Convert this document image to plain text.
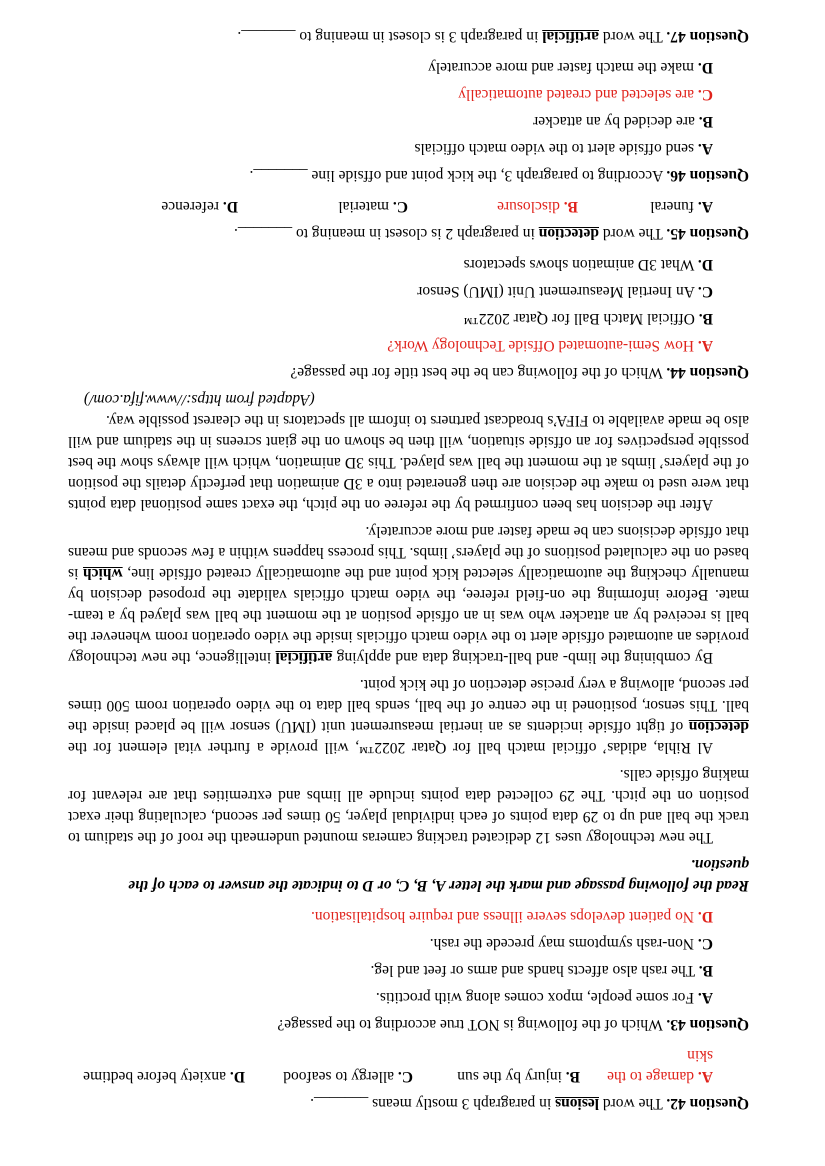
Question 42. The word lesions in paragraph 3 mostly means _______.

A. damage to the skin
B. injury by the sun
C. allergy to seafood
D. anxiety before bedtime

Question 43. Which of the following is NOT true according to the passage?

A. For some people, mpox comes along with proctitis.

B. The rash also affects hands and arms or feet and leg.

C. Non-rash symptoms may precede the rash.

D. No patient develops severe illness and require hospitalisation.

Read the following passage and mark the letter A, B, C, or D to indicate the answer to each of the question.

The new technology uses 12 dedicated tracking cameras mounted underneath the roof of the stadium to track the ball and up to 29 data points of each individual player, 50 times per second, calculating their exact position on the pitch. The 29 collected data points include all limbs and extremities that are relevant for making offside calls.

Al Rihla, adidas’ official match ball for Qatar 2022™, will provide a further vital element for the detection of tight offside incidents as an inertial measurement unit (IMU) sensor will be placed inside the ball. This sensor, positioned in the centre of the ball, sends ball data to the video operation room 500 times per second, allowing a very precise detection of the kick point.

By combining the limb- and ball-tracking data and applying artificial intelligence, the new technology provides an automated offside alert to the video match officials inside the video operation room whenever the ball is received by an attacker who was in an offside position at the moment the ball was played by a team-mate. Before informing the on-field referee, the video match officials validate the proposed decision by manually checking the automatically selected kick point and the automatically created offside line, which is based on the calculated positions of the players’ limbs. This process happens within a few seconds and means that offside decisions can be made faster and more accurately.

After the decision has been confirmed by the referee on the pitch, the exact same positional data points that were used to make the decision are then generated into a 3D animation that perfectly details the position of the players’ limbs at the moment the ball was played. This 3D animation, which will always show the best possible perspectives for an offside situation, will then be shown on the giant screens in the stadium and will also be made available to FIFA’s broadcast partners to inform all spectators in the clearest possible way.

(Adapted from https://www.fifa.com/)

Question 44. Which of the following can be the best title for the passage?

A. How Semi-automated Offside Technology Work?

B. Official Match Ball for Qatar 2022™

C. An Inertial Measurement Unit (IMU) Sensor

D. What 3D animation shows spectators

Question 45. The word detection in paragraph 2 is closest in meaning to _______.

A. funeral
B. disclosure
C. material
D. reference

Question 46. According to paragraph 3, the kick point and offside line _______.

A. send offside alert to the video match officials

B. are decided by an attacker

C. are selected and created automatically

D. make the match faster and more accurately

Question 47. The word artificial in paragraph 3 is closest in meaning to _______.
